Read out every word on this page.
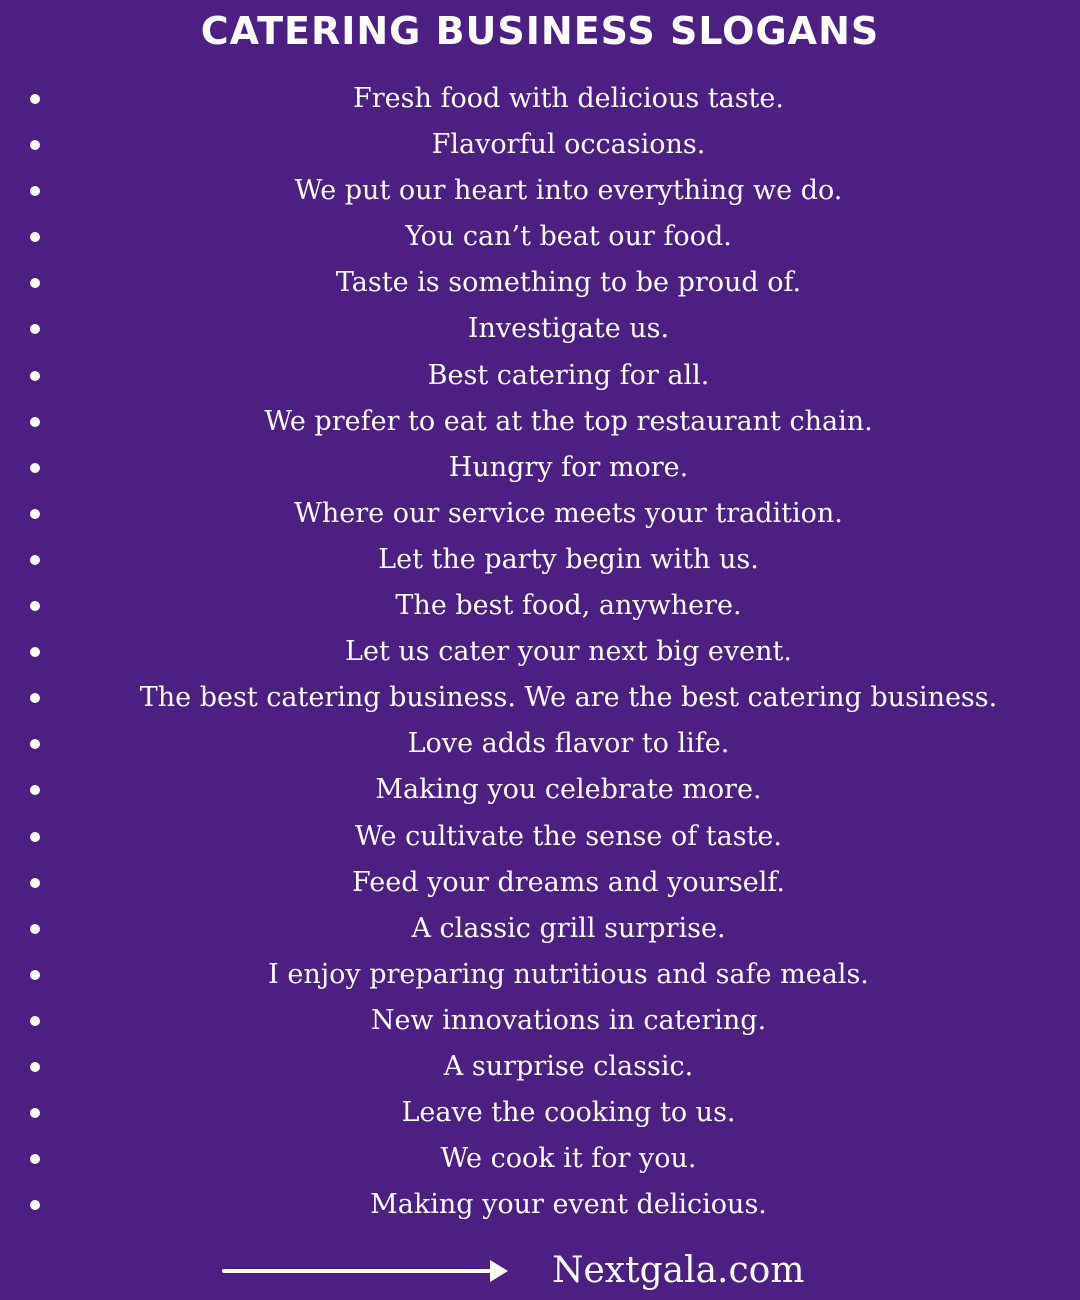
CATERING BUSINESS SLOGANS
Fresh food with delicious taste.
Flavorful occasions.
We put our heart into everything we do.
You can’t beat our food.
Taste is something to be proud of.
Investigate us.
Best catering for all.
We prefer to eat at the top restaurant chain.
Hungry for more.
Where our service meets your tradition.
Let the party begin with us.
The best food, anywhere.
Let us cater your next big event.
The best catering business. We are the best catering business.
Love adds flavor to life.
Making you celebrate more.
We cultivate the sense of taste.
Feed your dreams and yourself.
A classic grill surprise.
I enjoy preparing nutritious and safe meals.
New innovations in catering.
A surprise classic.
Leave the cooking to us.
We cook it for you.
Making your event delicious.
Nextgala.com
